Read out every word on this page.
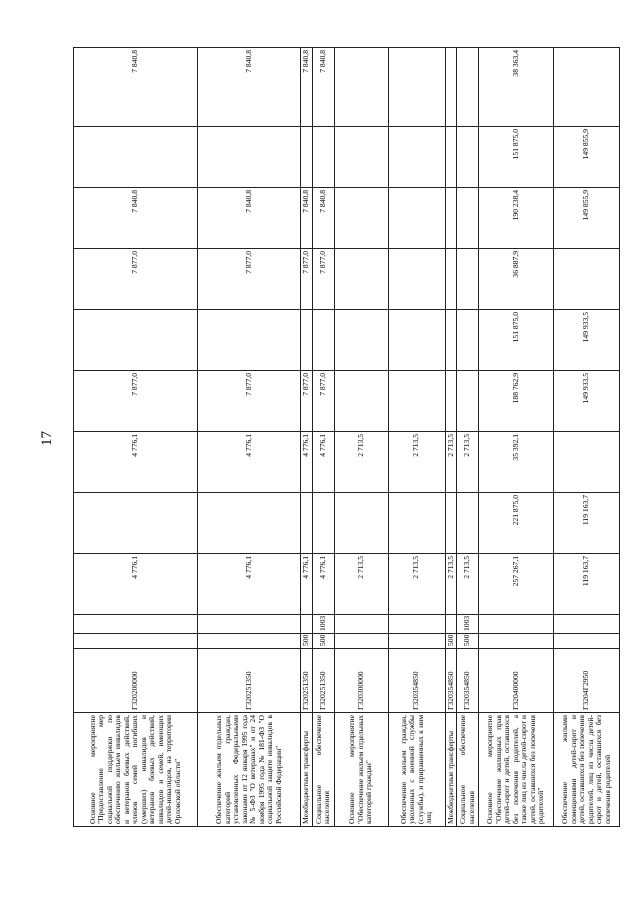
17
Основное мероприятие "Предоставление мер социальной поддержки по обеспечению жильем инвалидов и ветеранов боевых действий, членов семей погибших (умерших) инвалидов и ветеранов боевых действий, инвалидов и семей, имеющих детей-инвалидов, на территории Орловской области"	Г320200000			4 776,1		4 776,1	7 877,0		7 877,0	7 840,8		7 840,8
Обеспечение жильем отдельных категорий граждан, установленных Федеральными законами от 12 января 1995 года № 5-ФЗ "О ветеранах" и от 24 ноября 1995 года № 181-ФЗ "О социальной защите инвалидов в Российской Федерации"	Г320251350			4 776,1		4 776,1	7 877,0		7 877,0	7 840,8		7 840,8
Межбюджетные трансферты	Г320251350	500		4 776,1		4 776,1	7 877,0		7 877,0	7 840,8		7 840,8
Социальное обеспечение населения	Г320251350	500	1003	4 776,1		4 776,1	7 877,0		7 877,0	7 840,8		7 840,8
Основное мероприятие "Обеспечение жильем отдельных категорий граждан"	Г320300000			2 713,5		2 713,5						
Обеспечение жильем граждан, уволенных с военной службы (службы), и приравненных к ним лиц	Г320354850			2 713,5		2 713,5						
Межбюджетные трансферты	Г320354850	500		2 713,5		2 713,5						
Социальное обеспечение населения	Г320354850	500	1003	2 713,5		2 713,5						
Основное мероприятие "Обеспечение жилищных прав детей-сирот и детей, оставшихся без попечения родителей, а также лиц из числа детей-сирот и детей, оставшихся без попечения родителей"	Г320400000			257 267,1	221 875,0	35 392,1	188 762,9	151 875,0	36 887,9	190 238,4	151 875,0	38 363,4
Обеспечение жилыми помещениями детей-сирот и детей, оставшихся без попечения родителей, лиц из числа детей-сирот и детей, оставшихся без попечения родителей	Г3204Г2950			119 163,7	119 163,7		149 933,5	149 933,5		149 855,9	149 855,9	
